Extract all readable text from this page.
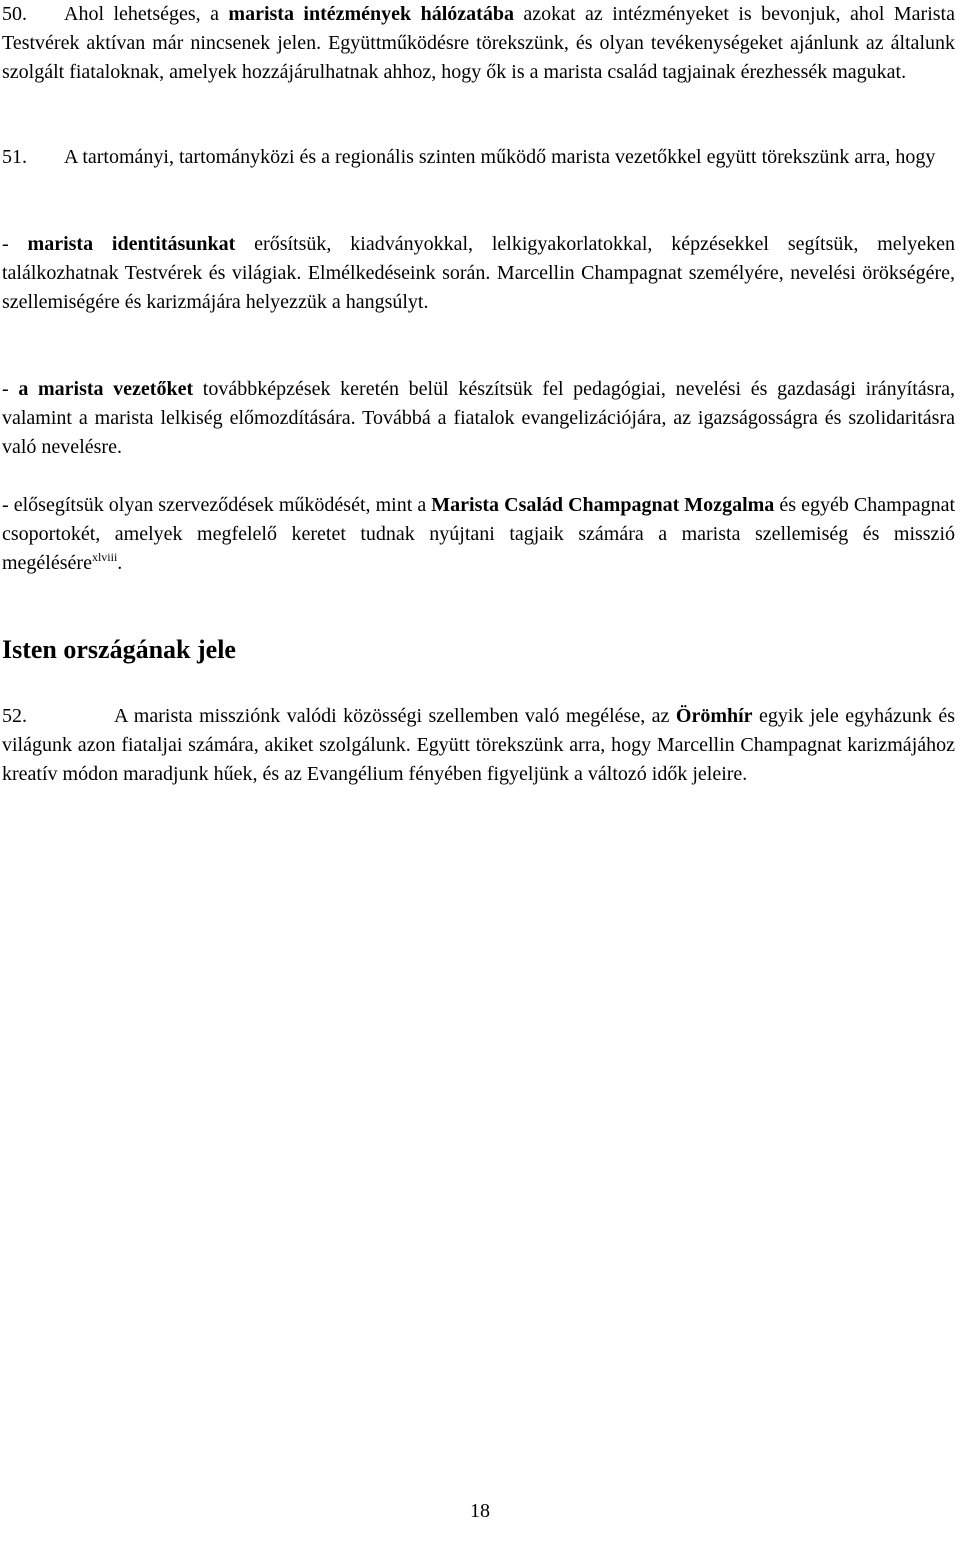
50. Ahol lehetséges, a marista intézmények hálózatába azokat az intézményeket is bevonjuk, ahol Marista Testvérek aktívan már nincsenek jelen. Együttműködésre törekszünk, és olyan tevékenységeket ajánlunk az általunk szolgált fiataloknak, amelyek hozzájárulhatnak ahhoz, hogy ők is a marista család tagjainak érezhessék magukat.

51. A tartományi, tartományközi és a regionális szinten működő marista vezetőkkel együtt törekszünk arra, hogy

- marista identitásunkat erősítsük, kiadványokkal, lelkigyakorlatokkal, képzésekkel segítsük, melyeken találkozhatnak Testvérek és világiak. Elmélkedéseink során. Marcellin Champagnat személyére, nevelési örökségére, szellemiségére és karizmájára helyezzük a hangsúlyt.

- a marista vezetőket továbbképzések keretén belül készítsük fel pedagógiai, nevelési és gazdasági irányításra, valamint a marista lelkiség előmozdítására. Továbbá a fiatalok evangelizációjára, az igazságosságra és szolidaritásra való nevelésre.

- elősegítsük olyan szerveződések működését, mint a Marista Család Champagnat Mozgalma és egyéb Champagnat csoportokét, amelyek megfelelő keretet tudnak nyújtani tagjaik számára a marista szellemiség és misszió megélésére$^{xlviii}$.

Isten országának jele

52.	A marista missziónk valódi közösségi szellemben való megélése, az Örömhír egyik jele egyházunk és világunk azon fiataljai számára, akiket szolgálunk. Együtt törekszünk arra, hogy Marcellin Champagnat karizmájához kreatív módon maradjunk hűek, és az Evangélium fényében figyeljünk a változó idők jeleire.

18
